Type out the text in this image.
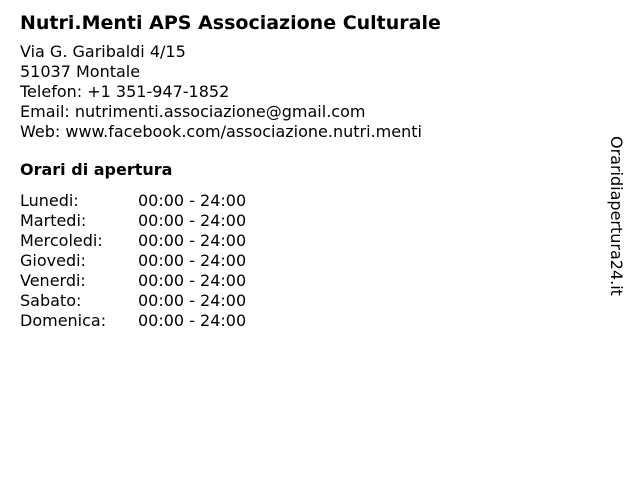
Nutri.Menti APS Associazione Culturale
Via G. Garibaldi 4/15
51037 Montale
Telefon: +1 351-947-1852
Email: nutrimenti.associazione@gmail.com
Web: www.facebook.com/associazione.nutri.menti
Orari di apertura
Lunedi:	00:00 - 24:00
Martedi:	00:00 - 24:00
Mercoledi:	00:00 - 24:00
Giovedi:	00:00 - 24:00
Venerdi:	00:00 - 24:00
Sabato:	00:00 - 24:00
Domenica:	00:00 - 24:00
Oraridiapertura24.it
